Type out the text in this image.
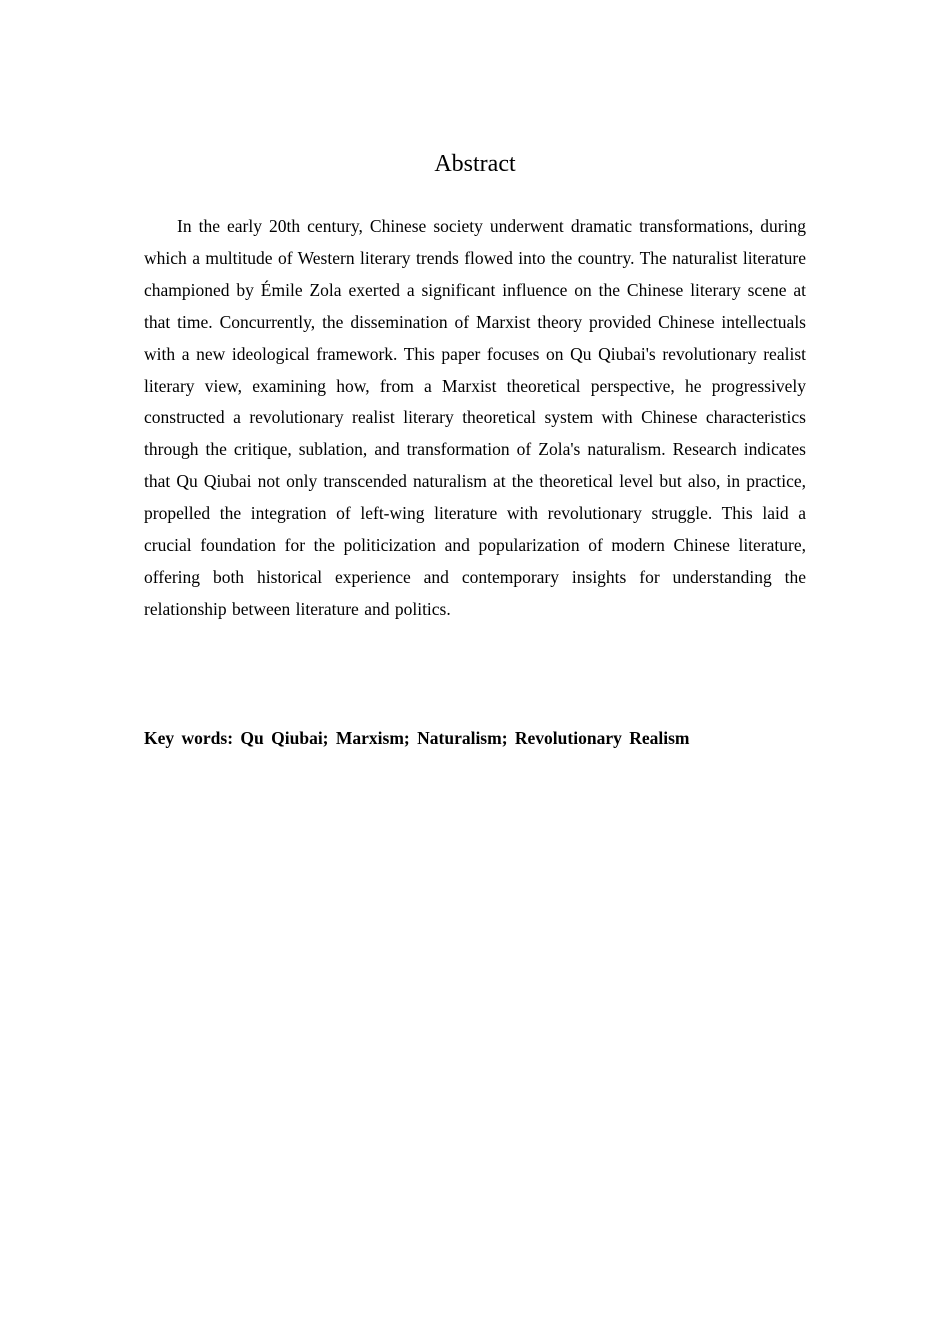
Abstract

In the early 20th century, Chinese society underwent dramatic transformations, during which a multitude of Western literary trends flowed into the country. The naturalist literature championed by Émile Zola exerted a significant influence on the Chinese literary scene at that time. Concurrently, the dissemination of Marxist theory provided Chinese intellectuals with a new ideological framework. This paper focuses on Qu Qiubai's revolutionary realist literary view, examining how, from a Marxist theoretical perspective, he progressively constructed a revolutionary realist literary theoretical system with Chinese characteristics through the critique, sublation, and transformation of Zola's naturalism. Research indicates that Qu Qiubai not only transcended naturalism at the theoretical level but also, in practice, propelled the integration of left-wing literature with revolutionary struggle. This laid a crucial foundation for the politicization and popularization of modern Chinese literature, offering both historical experience and contemporary insights for understanding the relationship between literature and politics.

Key words: Qu Qiubai; Marxism; Naturalism; Revolutionary Realism
